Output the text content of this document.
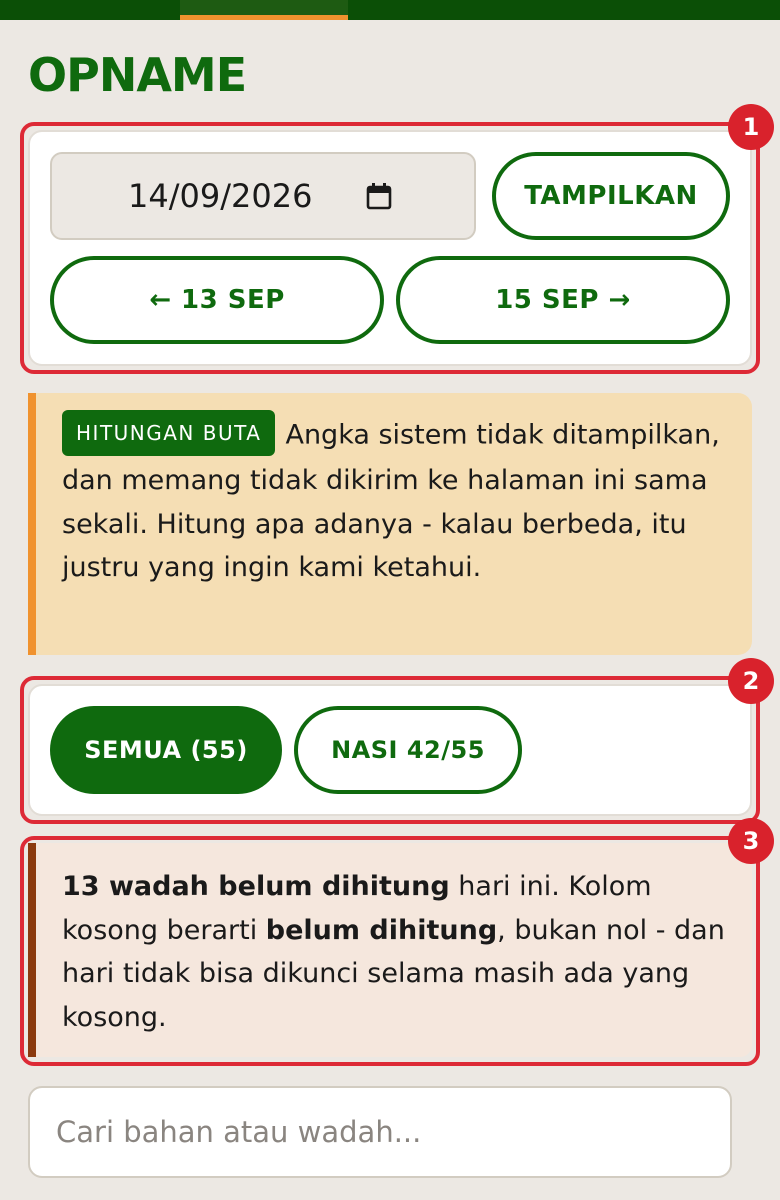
OPNAME
14/09/2026	TAMPILKAN
← 13 SEP	15 SEP →
1
HITUNGAN BUTA Angka sistem tidak ditampilkan, dan memang tidak dikirim ke halaman ini sama sekali. Hitung apa adanya - kalau berbeda, itu justru yang ingin kami ketahui.
SEMUA (55)	NASI 42/55
2
13 wadah belum dihitung hari ini. Kolom kosong berarti belum dihitung, bukan nol - dan hari tidak bisa dikunci selama masih ada yang kosong.
3
Cari bahan atau wadah...
